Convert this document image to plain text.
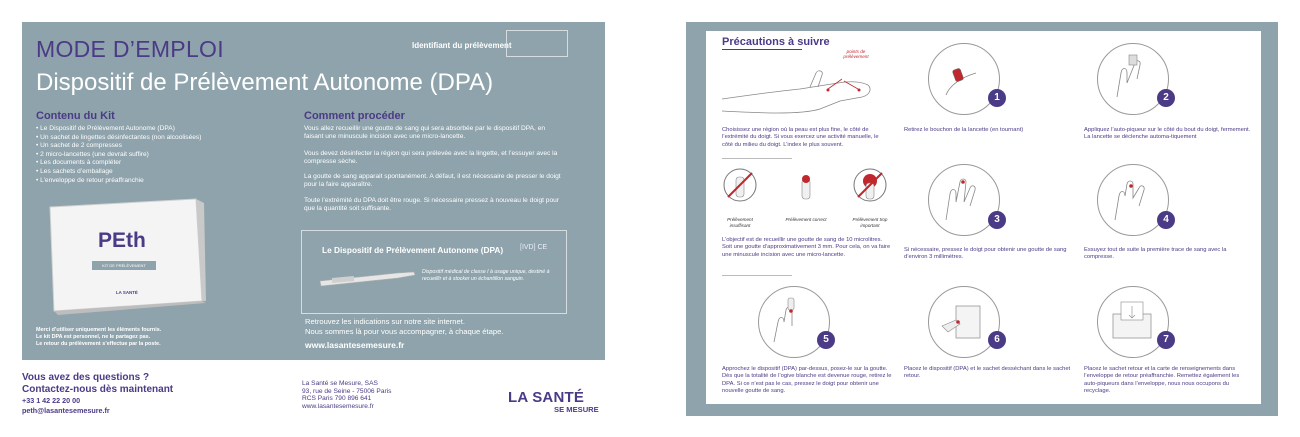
MODE D’EMPLOI
Dispositif de Prélèvement Autonome (DPA)
Identifiant du prélèvement
Contenu du Kit
• Le Dispositif de Prélèvement Autonome (DPA)
• Un sachet de lingettes désinfectantes (non alcoolisées)
• Un sachet de 2 compresses
• 2 micro-lancettes (une devrait suffire)
• Les documents à compléter
• Les sachets d’emballage
• L’enveloppe de retour préaffranchie
PEth
KIT DE PRÉLÈVEMENT
LA SANTÉ
Merci d’utiliser uniquement les éléments fournis.
Le kit DPA est personnel, ne le partagez pas.
Le retour du prélèvement s’effectue par la poste.
Comment procéder
Vous allez recueillir une goutte de sang qui sera absorbée par le dispositif DPA, en faisant une minuscule incision avec une micro-lancette.
Vous devez désinfecter la région qui sera prélevée avec la lingette, et l’essuyer avec la compresse sèche.
La goutte de sang apparait spontanément. A défaut, il est nécessaire de presser le doigt pour la faire apparaître.
Toute l’extrémité du DPA doit être rouge. Si nécessaire pressez à nouveau le doigt pour que la quantité soit suffisante.
Le Dispositif de Prélèvement Autonome (DPA) [IVD] CE
Dispositif médical de classe I à usage unique, destiné à recueillir et à stocker un échantillon sanguin.
Retrouvez les indications sur notre site internet.
Nous sommes là pour vous accompagner, à chaque étape.
www.lasantesemesure.fr
Vous avez des questions ?
Contactez-nous dès maintenant
+33 1 42 22 20 00
peth@lasantesemesure.fr
La Santé se Mesure, SAS
93, rue de Seine - 75006 Paris
RCS Paris 790 896 641
www.lasantesemesure.fr
LA SANTÉ
SE MESURE
Précautions à suivre
points de prélèvement
Choisissez une région où la peau est plus fine, le côté de l’extrémité du doigt. Si vous exercez une activité manuelle, le côté du milieu du doigt. L’index le plus souvent.
Prélèvement insuffisant
Prélèvement correct	Prélèvement trop important
L’objectif est de recueillir une goutte de sang de 10 microlitres. Soit une goutte d’approximativement 3 mm. Pour cela, on va faire une minuscule incision avec une micro-lancette.
1
Retirez le bouchon de la lancette (en tournant)
2
Appliquez l’auto-piqueur sur le côté du bout du doigt, fermement. La lancette se déclenche automa-tiquement
3
Si nécessaire, pressez le doigt pour obtenir une goutte de sang d’environ 3 millimètres.
4
Essuyez tout de suite la première trace de sang avec la compresse.
5
Approchez le dispositif (DPA) par-dessus, posez-le sur la goutte. Dès que la totalité de l’ogive blanche est devenue rouge, retirez le DPA. Si ce n’est pas le cas, pressez le doigt pour obtenir une nouvelle goutte de sang.
6
Placez le dispositif (DPA) et le sachet desséchant dans le sachet retour.
7
Placez le sachet retour et la carte de renseignements dans l’enveloppe de retour préaffranchie. Remettez également les auto-piqueurs dans l’enveloppe, nous nous occupons du recyclage.
© La Santé se Mesure - Juin 2022 - Version 3.1 - conception et réalisation : Pascal Chevrieux - Agence NOOVIA
